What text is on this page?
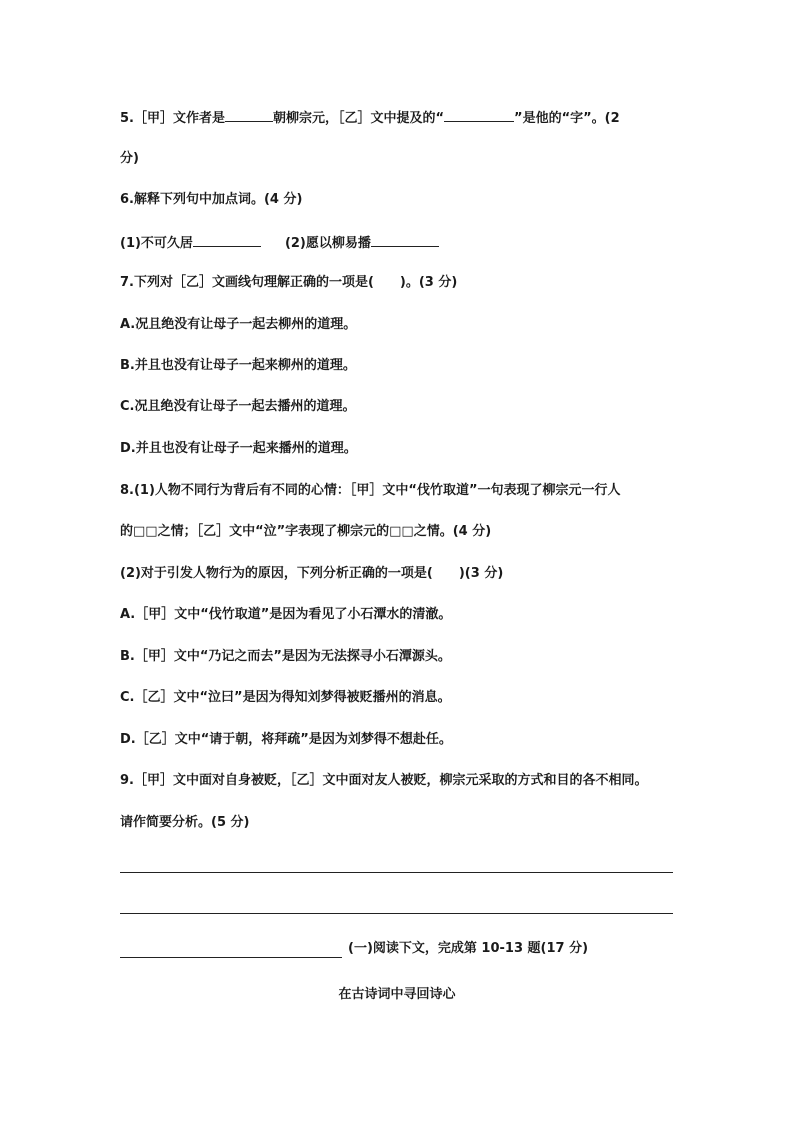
5.［甲］文作者是	朝柳宗元，［乙］文中提及的“	”是他的“字”。(2
分)
6.解释下列句中加点词。(4 分)
(1)不可久居	(2)愿以柳易播
7.下列对［乙］文画线句理解正确的一项是(　　)。(3 分)
A.况且绝没有让母子一起去柳州的道理。
B.并且也没有让母子一起来柳州的道理。
C.况且绝没有让母子一起去播州的道理。
D.并且也没有让母子一起来播州的道理。
8.(1)人物不同行为背后有不同的心情：［甲］文中“伐竹取道”一句表现了柳宗元一行人
的□□之情；［乙］文中“泣”字表现了柳宗元的□□之情。(4 分)
(2)对于引发人物行为的原因，下列分析正确的一项是(　　)(3 分)
A.［甲］文中“伐竹取道”是因为看见了小石潭水的清澈。
B.［甲］文中“乃记之而去”是因为无法探寻小石潭源头。
C.［乙］文中“泣曰”是因为得知刘梦得被贬播州的消息。
D.［乙］文中“请于朝，将拜疏”是因为刘梦得不想赴任。
9.［甲］文中面对自身被贬，［乙］文中面对友人被贬，柳宗元采取的方式和目的各不相同。
请作简要分析。(5 分)
(一)阅读下文，完成第 10-13 题(17 分)
在古诗词中寻回诗心
